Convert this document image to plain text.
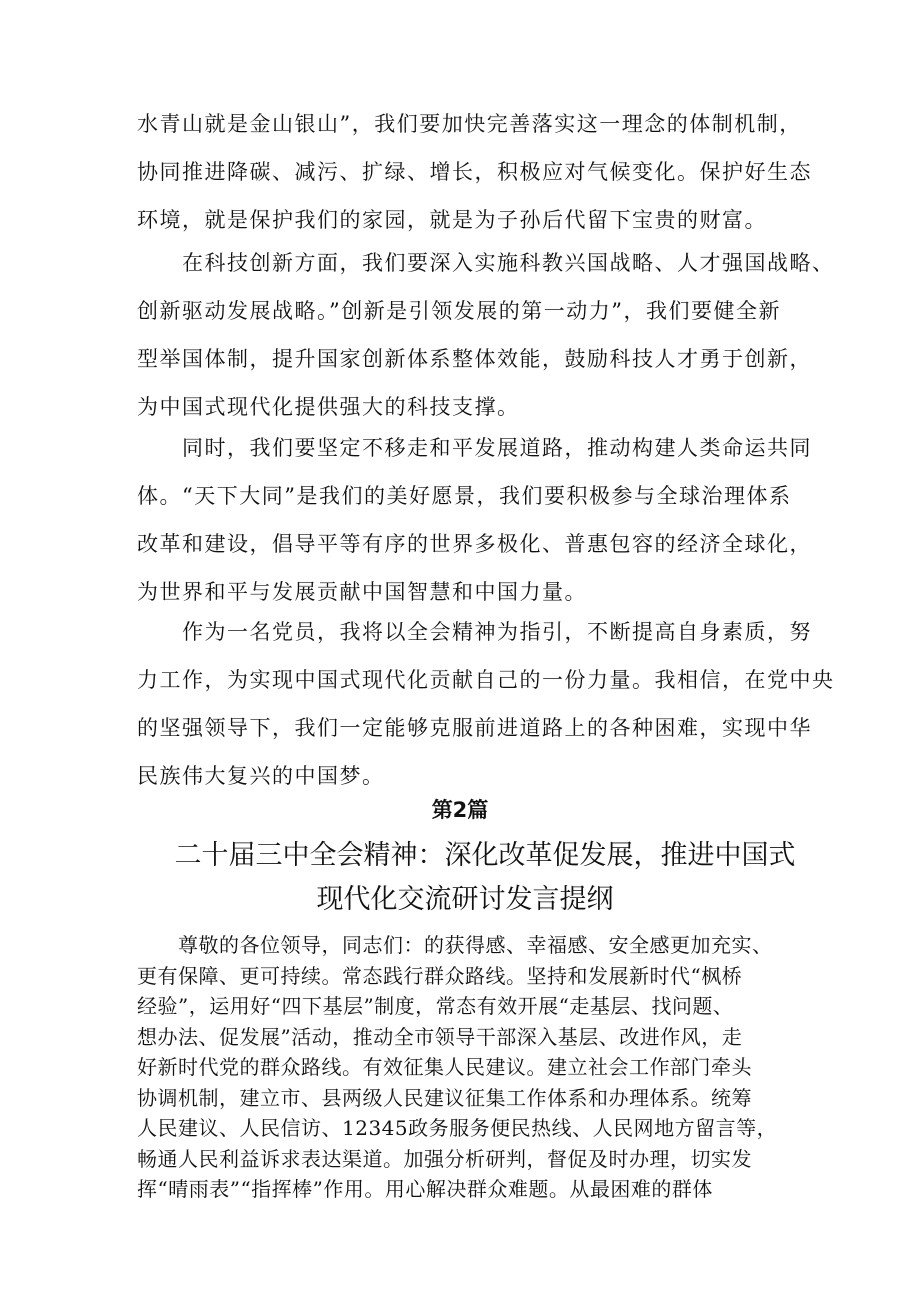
水青山就是金山银山”，我们要加快完善落实这一理念的体制机制，
协同推进降碳、减污、扩绿、增长，积极应对气候变化。保护好生态
环境，就是保护我们的家园，就是为子孙后代留下宝贵的财富。
　　在科技创新方面，我们要深入实施科教兴国战略、人才强国战略、
创新驱动发展战略。”创新是引领发展的第一动力”，我们要健全新
型举国体制，提升国家创新体系整体效能，鼓励科技人才勇于创新，
为中国式现代化提供强大的科技支撑。
　　同时，我们要坚定不移走和平发展道路，推动构建人类命运共同
体。“天下大同”是我们的美好愿景，我们要积极参与全球治理体系
改革和建设，倡导平等有序的世界多极化、普惠包容的经济全球化，
为世界和平与发展贡献中国智慧和中国力量。
　　作为一名党员，我将以全会精神为指引，不断提高自身素质，努
力工作，为实现中国式现代化贡献自己的一份力量。我相信，在党中央
的坚强领导下，我们一定能够克服前进道路上的各种困难，实现中华
民族伟大复兴的中国梦。
第2篇
二十届三中全会精神：深化改革促发展，推进中国式
现代化交流研讨发言提纲
　　尊敬的各位领导，同志们：的获得感、幸福感、安全感更加充实、
更有保障、更可持续。常态践行群众路线。坚持和发展新时代“枫桥
经验”，运用好“四下基层”制度，常态有效开展“走基层、找问题、
想办法、促发展”活动，推动全市领导干部深入基层、改进作风，走
好新时代党的群众路线。有效征集人民建议。建立社会工作部门牵头
协调机制，建立市、县两级人民建议征集工作体系和办理体系。统筹
人民建议、人民信访、12345政务服务便民热线、人民网地方留言等，
畅通人民利益诉求表达渠道。加强分析研判，督促及时办理，切实发
挥“晴雨表”“指挥棒”作用。用心解决群众难题。从最困难的群体
